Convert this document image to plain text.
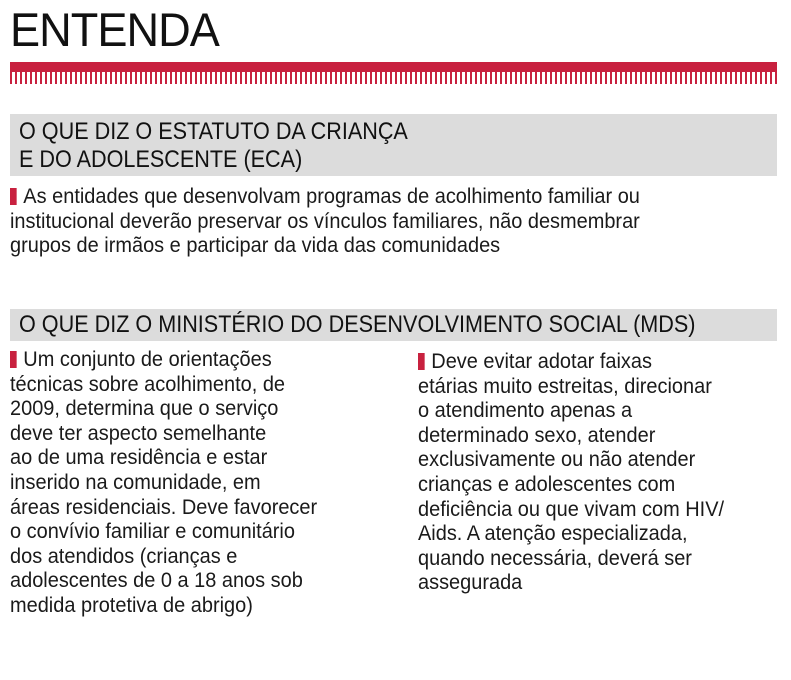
ENTENDA
O QUE DIZ O ESTATUTO DA CRIANÇA
E DO ADOLESCENTE (ECA)

As entidades que desenvolvam programas de acolhimento familiar ou
institucional deverão preservar os vínculos familiares, não desmembrar
grupos de irmãos e participar da vida das comunidades

O QUE DIZ O MINISTÉRIO DO DESENVOLVIMENTO SOCIAL (MDS)

Um conjunto de orientações
técnicas sobre acolhimento, de
2009, determina que o serviço
deve ter aspecto semelhante
ao de uma residência e estar
inserido na comunidade, em
áreas residenciais. Deve favorecer
o convívio familiar e comunitário
dos atendidos (crianças e
adolescentes de 0 a 18 anos sob
medida protetiva de abrigo)

Deve evitar adotar faixas
etárias muito estreitas, direcionar
o atendimento apenas a
determinado sexo, atender
exclusivamente ou não atender
crianças e adolescentes com
deficiência ou que vivam com HIV/
Aids. A atenção especializada,
quando necessária, deverá ser
assegurada
